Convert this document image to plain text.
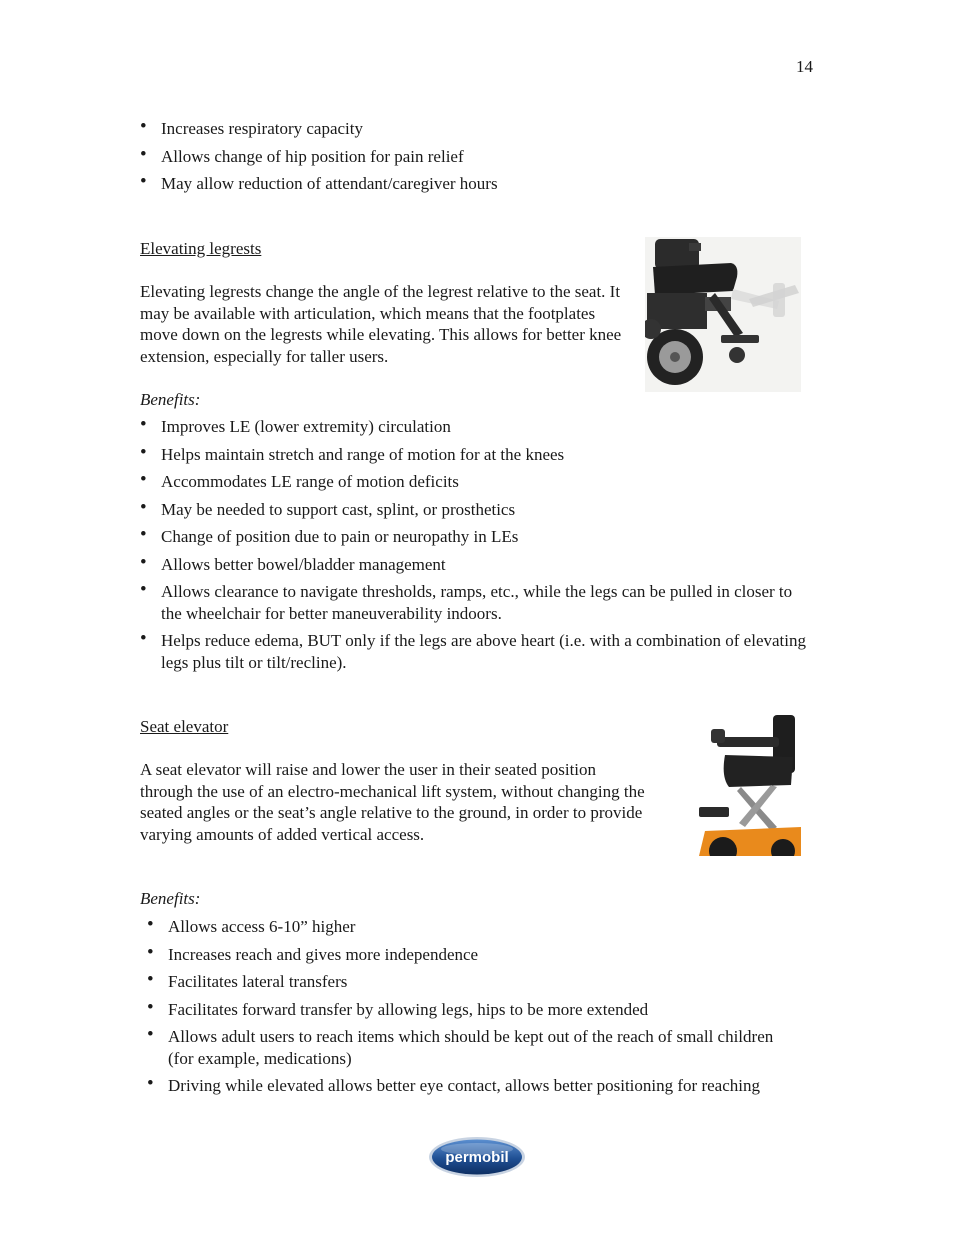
14
• Increases respiratory capacity
• Allows change of hip position for pain relief
• May allow reduction of attendant/caregiver hours
Elevating legrests

Elevating legrests change the angle of the legrest relative to the seat. It may be available with articulation, which means that the footplates move down on the legrests while elevating. This allows for better knee extension, especially for taller users.

Benefits:
• Improves LE (lower extremity) circulation
• Helps maintain stretch and range of motion for at the knees
• Accommodates LE range of motion deficits
• May be needed to support cast, splint, or prosthetics
• Change of position due to pain or neuropathy in LEs
• Allows better bowel/bladder management
• Allows clearance to navigate thresholds, ramps, etc., while the legs can be pulled in closer to the wheelchair for better maneuverability indoors.
• Helps reduce edema, BUT only if the legs are above heart (i.e. with a combination of elevating legs plus tilt or tilt/recline).
Seat elevator

A seat elevator will raise and lower the user in their seated position through the use of an electro-mechanical lift system, without changing the seated angles or the seat’s angle relative to the ground, in order to provide varying amounts of added vertical access.

Benefits:
• Allows access 6-10” higher
• Increases reach and gives more independence
• Facilitates lateral transfers
• Facilitates forward transfer by allowing legs, hips to be more extended
• Allows adult users to reach items which should be kept out of the reach of small children (for example, medications)
• Driving while elevated allows better eye contact, allows better positioning for reaching
permobil
